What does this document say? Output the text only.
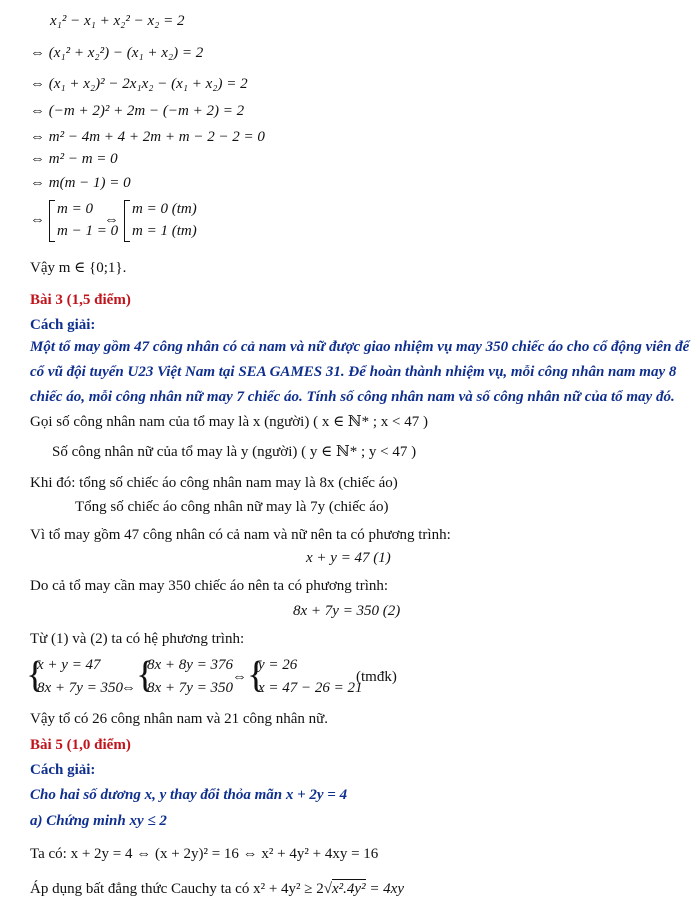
x₁² − x₁ + x₂² − x₂ = 2
⇔ (x₁² + x₂²) − (x₁ + x₂) = 2
⇔ (x₁ + x₂)² − 2x₁x₂ − (x₁ + x₂) = 2
⇔ (−m + 2)² + 2m − (−m + 2) = 2
⇔ m² − 4m + 4 + 2m + m − 2 − 2 = 0
⇔ m² − m = 0
⇔ m(m − 1) = 0
⇔
m = 0
m − 1 = 0
⇔
m = 0 (tm)
m = 1 (tm)
Vậy m ∈ {0;1}.
Bài 3 (1,5 điểm)
Cách giải:
Một tổ may gồm 47 công nhân có cả nam và nữ được giao nhiệm vụ may 350 chiếc áo cho cổ động viên để
cổ vũ đội tuyển U23 Việt Nam tại SEA GAMES 31. Để hoàn thành nhiệm vụ, mỗi công nhân nam may 8
chiếc áo, mỗi công nhân nữ may 7 chiếc áo. Tính số công nhân nam và số công nhân nữ của tổ may đó.
Gọi số công nhân nam của tổ may là x (người) ( x ∈ ℕ* ; x < 47 )
Số công nhân nữ của tổ may là y (người) ( y ∈ ℕ* ; y < 47 )
Khi đó: tổng số chiếc áo công nhân nam may là 8x (chiếc áo)
Tổng số chiếc áo công nhân nữ may là 7y (chiếc áo)
Vì tổ may gồm 47 công nhân có cả nam và nữ nên ta có phương trình:
x + y = 47 (1)
Do cả tổ may cần may 350 chiếc áo nên ta có phương trình:
8x + 7y = 350 (2)
Từ (1) và (2) ta có hệ phương trình:
{
x + y = 47
8x + 7y = 350
⇔ {
8x + 8y = 376
8x + 7y = 350
⇔ {
y = 26
x = 47 − 26 = 21
(tmđk)
Vậy tổ có 26 công nhân nam và 21 công nhân nữ.
Bài 5 (1,0 điểm)
Cách giải:
Cho hai số dương x, y thay đổi thỏa mãn x + 2y = 4
a) Chứng minh xy ≤ 2
Ta có: x + 2y = 4 ⇔ (x + 2y)² = 16 ⇔ x² + 4y² + 4xy = 16
Áp dụng bất đẳng thức Cauchy ta có x² + 4y² ≥ 2√x².4y² = 4xy
